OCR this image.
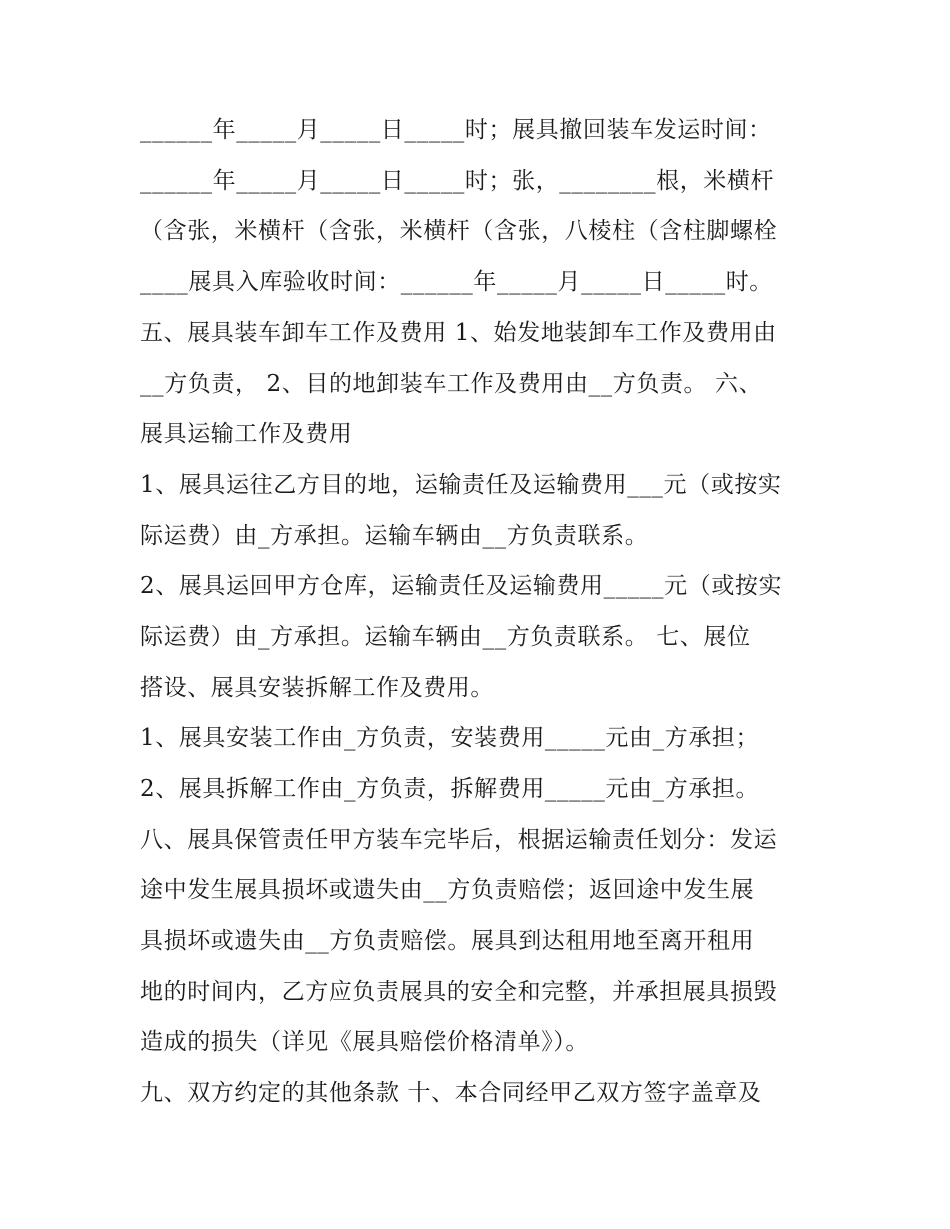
______年_____月_____日_____时；展具撤回装车发运时间：
______年_____月_____日_____时；张，________根，米横杆
（含张，米横杆（含张，米横杆（含张，八棱柱（含柱脚螺栓
____展具入库验收时间：______年_____月_____日_____时。
五、展具装车卸车工作及费用 1、始发地装卸车工作及费用由
__方负责， 2、目的地卸装车工作及费用由__方负责。 六、
展具运输工作及费用
1、展具运往乙方目的地，运输责任及运输费用___元（或按实
际运费）由_方承担。运输车辆由__方负责联系。
2、展具运回甲方仓库，运输责任及运输费用_____元（或按实
际运费）由_方承担。运输车辆由__方负责联系。 七、展位
搭设、展具安装拆解工作及费用。
1、展具安装工作由_方负责，安装费用_____元由_方承担；
2、展具拆解工作由_方负责，拆解费用_____元由_方承担。
八、展具保管责任甲方装车完毕后，根据运输责任划分：发运
途中发生展具损坏或遗失由__方负责赔偿；返回途中发生展
具损坏或遗失由__方负责赔偿。展具到达租用地至离开租用
地的时间内，乙方应负责展具的安全和完整，并承担展具损毁
造成的损失（详见《展具赔偿价格清单》）。
九、双方约定的其他条款 十、本合同经甲乙双方签字盖章及
